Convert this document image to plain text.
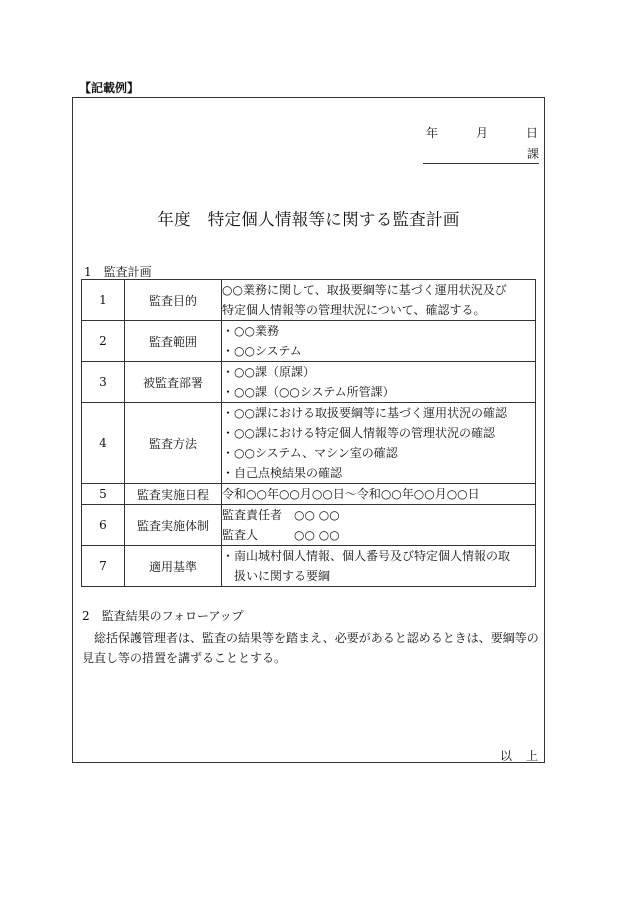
【記載例】
年	月	日
課
年度　特定個人情報等に関する監査計画
1 監査計画
1	監査目的	○○業務に関して、取扱要綱等に基づく運用状況及び
特定個人情報等の管理状況について、確認する。

2	監査範囲	・○○業務
・○○システム

3	被監査部署	・○○課（原課）
・○○課（○○システム所管課）

4	監査方法	・○○課における取扱要綱等に基づく運用状況の確認
・○○課における特定個人情報等の管理状況の確認
・○○システム、マシン室の確認
・自己点検結果の確認

5	監査実施日程	令和○○年○○月○○日～令和○○年○○月○○日

6	監査実施体制	監査責任者　○○ ○○
監査人　　　○○ ○○

7	適用基準	・南山城村個人情報、個人番号及び特定個人情報の取
扱いに関する要綱
2 監査結果のフォローアップ
総括保護管理者は、監査の結果等を踏まえ、必要があると認めるときは、要綱等の見直し等の措置を講ずることとする。
以 上
